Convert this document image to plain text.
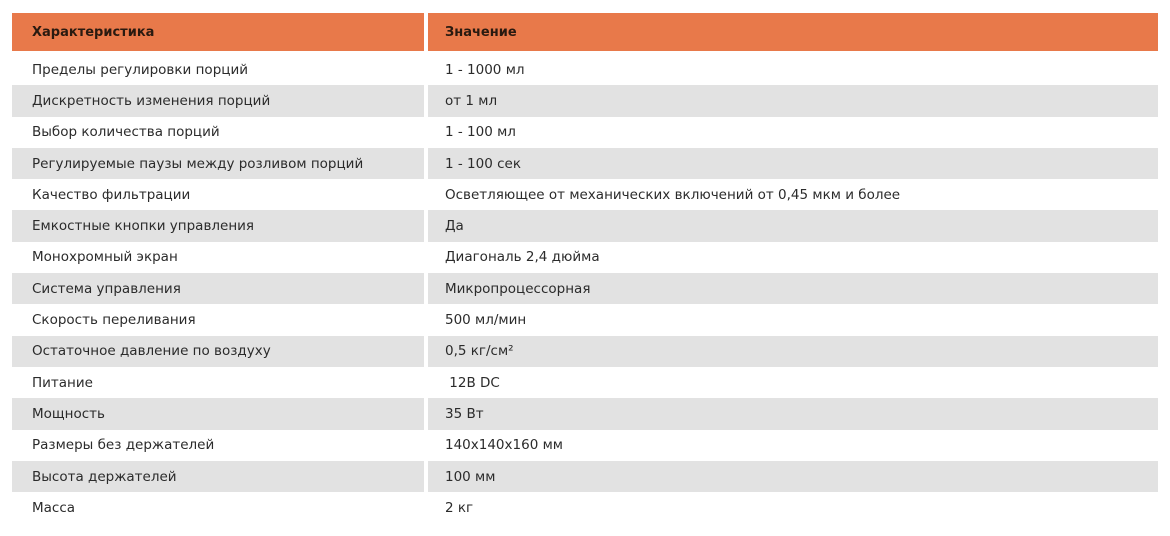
Характеристика	Значение
Пределы регулировки порций	1 - 1000 мл
Дискретность изменения порций	от 1 мл
Выбор количества порций	1 - 100 мл
Регулируемые паузы между розливом порций	1 - 100 сек
Качество фильтрации	Осветляющее от механических включений от 0,45 мкм и более
Емкостные кнопки управления	Да
Монохромный экран	Диагональ 2,4 дюйма
Система управления	Микропроцессорная
Скорость переливания	500 мл/мин
Остаточное давление по воздуху	0,5 кг/см²
Питание	12В DC
Мощность	35 Вт
Размеры без держателей	140х140х160 мм
Высота держателей	100 мм
Масса	2 кг
